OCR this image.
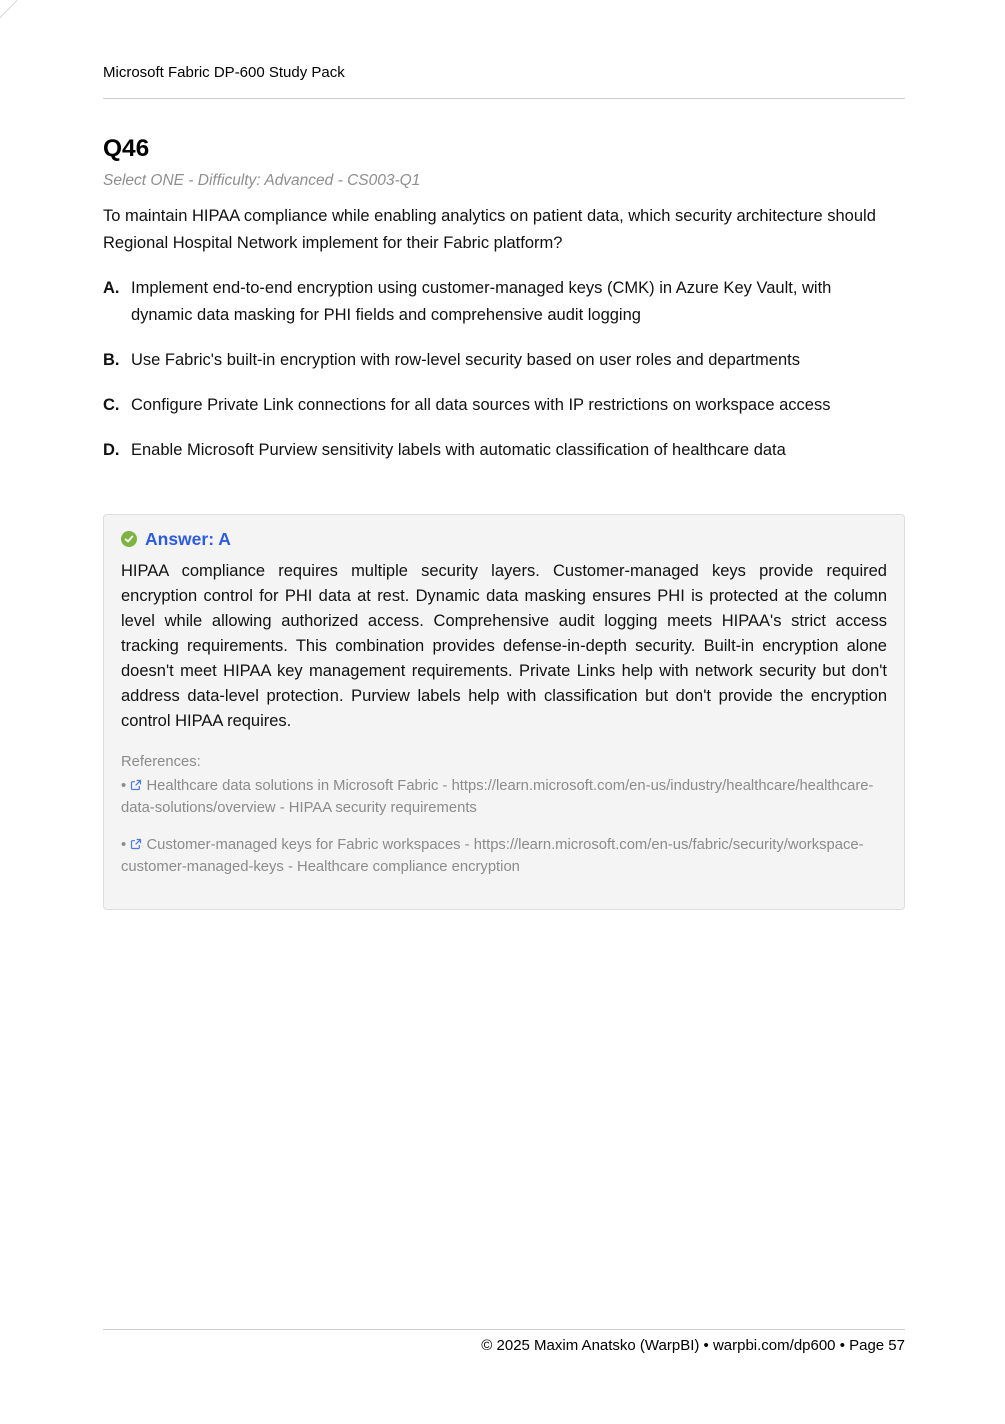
Microsoft Fabric DP-600 Study Pack
Q46
Select ONE - Difficulty: Advanced - CS003-Q1

To maintain HIPAA compliance while enabling analytics on patient data, which security architecture should Regional Hospital Network implement for their Fabric platform?

A. Implement end-to-end encryption using customer-managed keys (CMK) in Azure Key Vault, with dynamic data masking for PHI fields and comprehensive audit logging
B. Use Fabric's built-in encryption with row-level security based on user roles and departments
C. Configure Private Link connections for all data sources with IP restrictions on workspace access
D. Enable Microsoft Purview sensitivity labels with automatic classification of healthcare data
Answer: A

HIPAA compliance requires multiple security layers. Customer-managed keys provide required encryption control for PHI data at rest. Dynamic data masking ensures PHI is protected at the column level while allowing authorized access. Comprehensive audit logging meets HIPAA's strict access tracking requirements. This combination provides defense-in-depth security. Built-in encryption alone doesn't meet HIPAA key management requirements. Private Links help with network security but don't address data-level protection. Purview labels help with classification but don't provide the encryption control HIPAA requires.

References:

• Healthcare data solutions in Microsoft Fabric - https://learn.microsoft.com/en-us/industry/healthcare/healthcare-data-solutions/overview - HIPAA security requirements

• Customer-managed keys for Fabric workspaces - https://learn.microsoft.com/en-us/fabric/security/workspace-customer-managed-keys - Healthcare compliance encryption

© 2025 Maxim Anatsko (WarpBI) • warpbi.com/dp600 • Page 57
